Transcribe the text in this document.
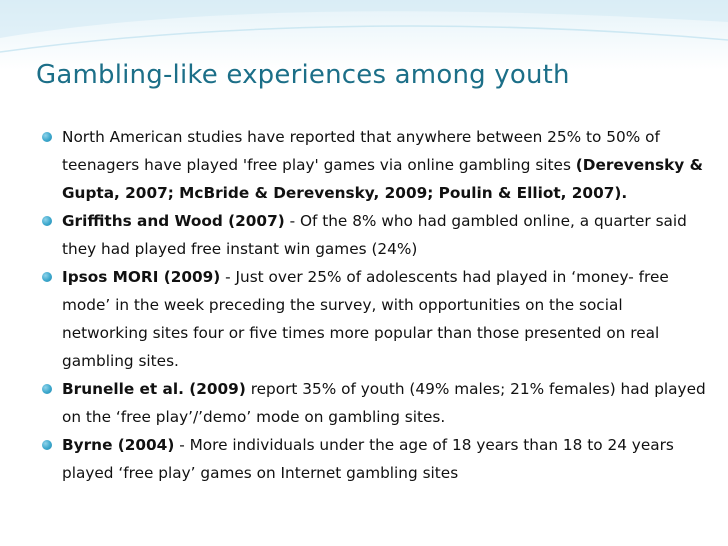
Gambling-like experiences among youth
North American studies have reported that anywhere between 25% to 50% of teenagers have played 'free play' games via online gambling sites (Derevensky & Gupta, 2007; McBride & Derevensky, 2009; Poulin & Elliot, 2007).
Griffiths and Wood (2007) - Of the 8% who had gambled online, a quarter said they had played free instant win games (24%)
Ipsos MORI (2009) - Just over 25% of adolescents had played in ‘money- free mode’ in the week preceding the survey, with opportunities on the social networking sites four or five times more popular than those presented on real gambling sites.
Brunelle et al. (2009) report 35% of youth (49% males; 21% females) had played on the ‘free play’/’demo’ mode on gambling sites.
Byrne (2004) - More individuals under the age of 18 years than 18 to 24 years played ‘free play’ games on Internet gambling sites
